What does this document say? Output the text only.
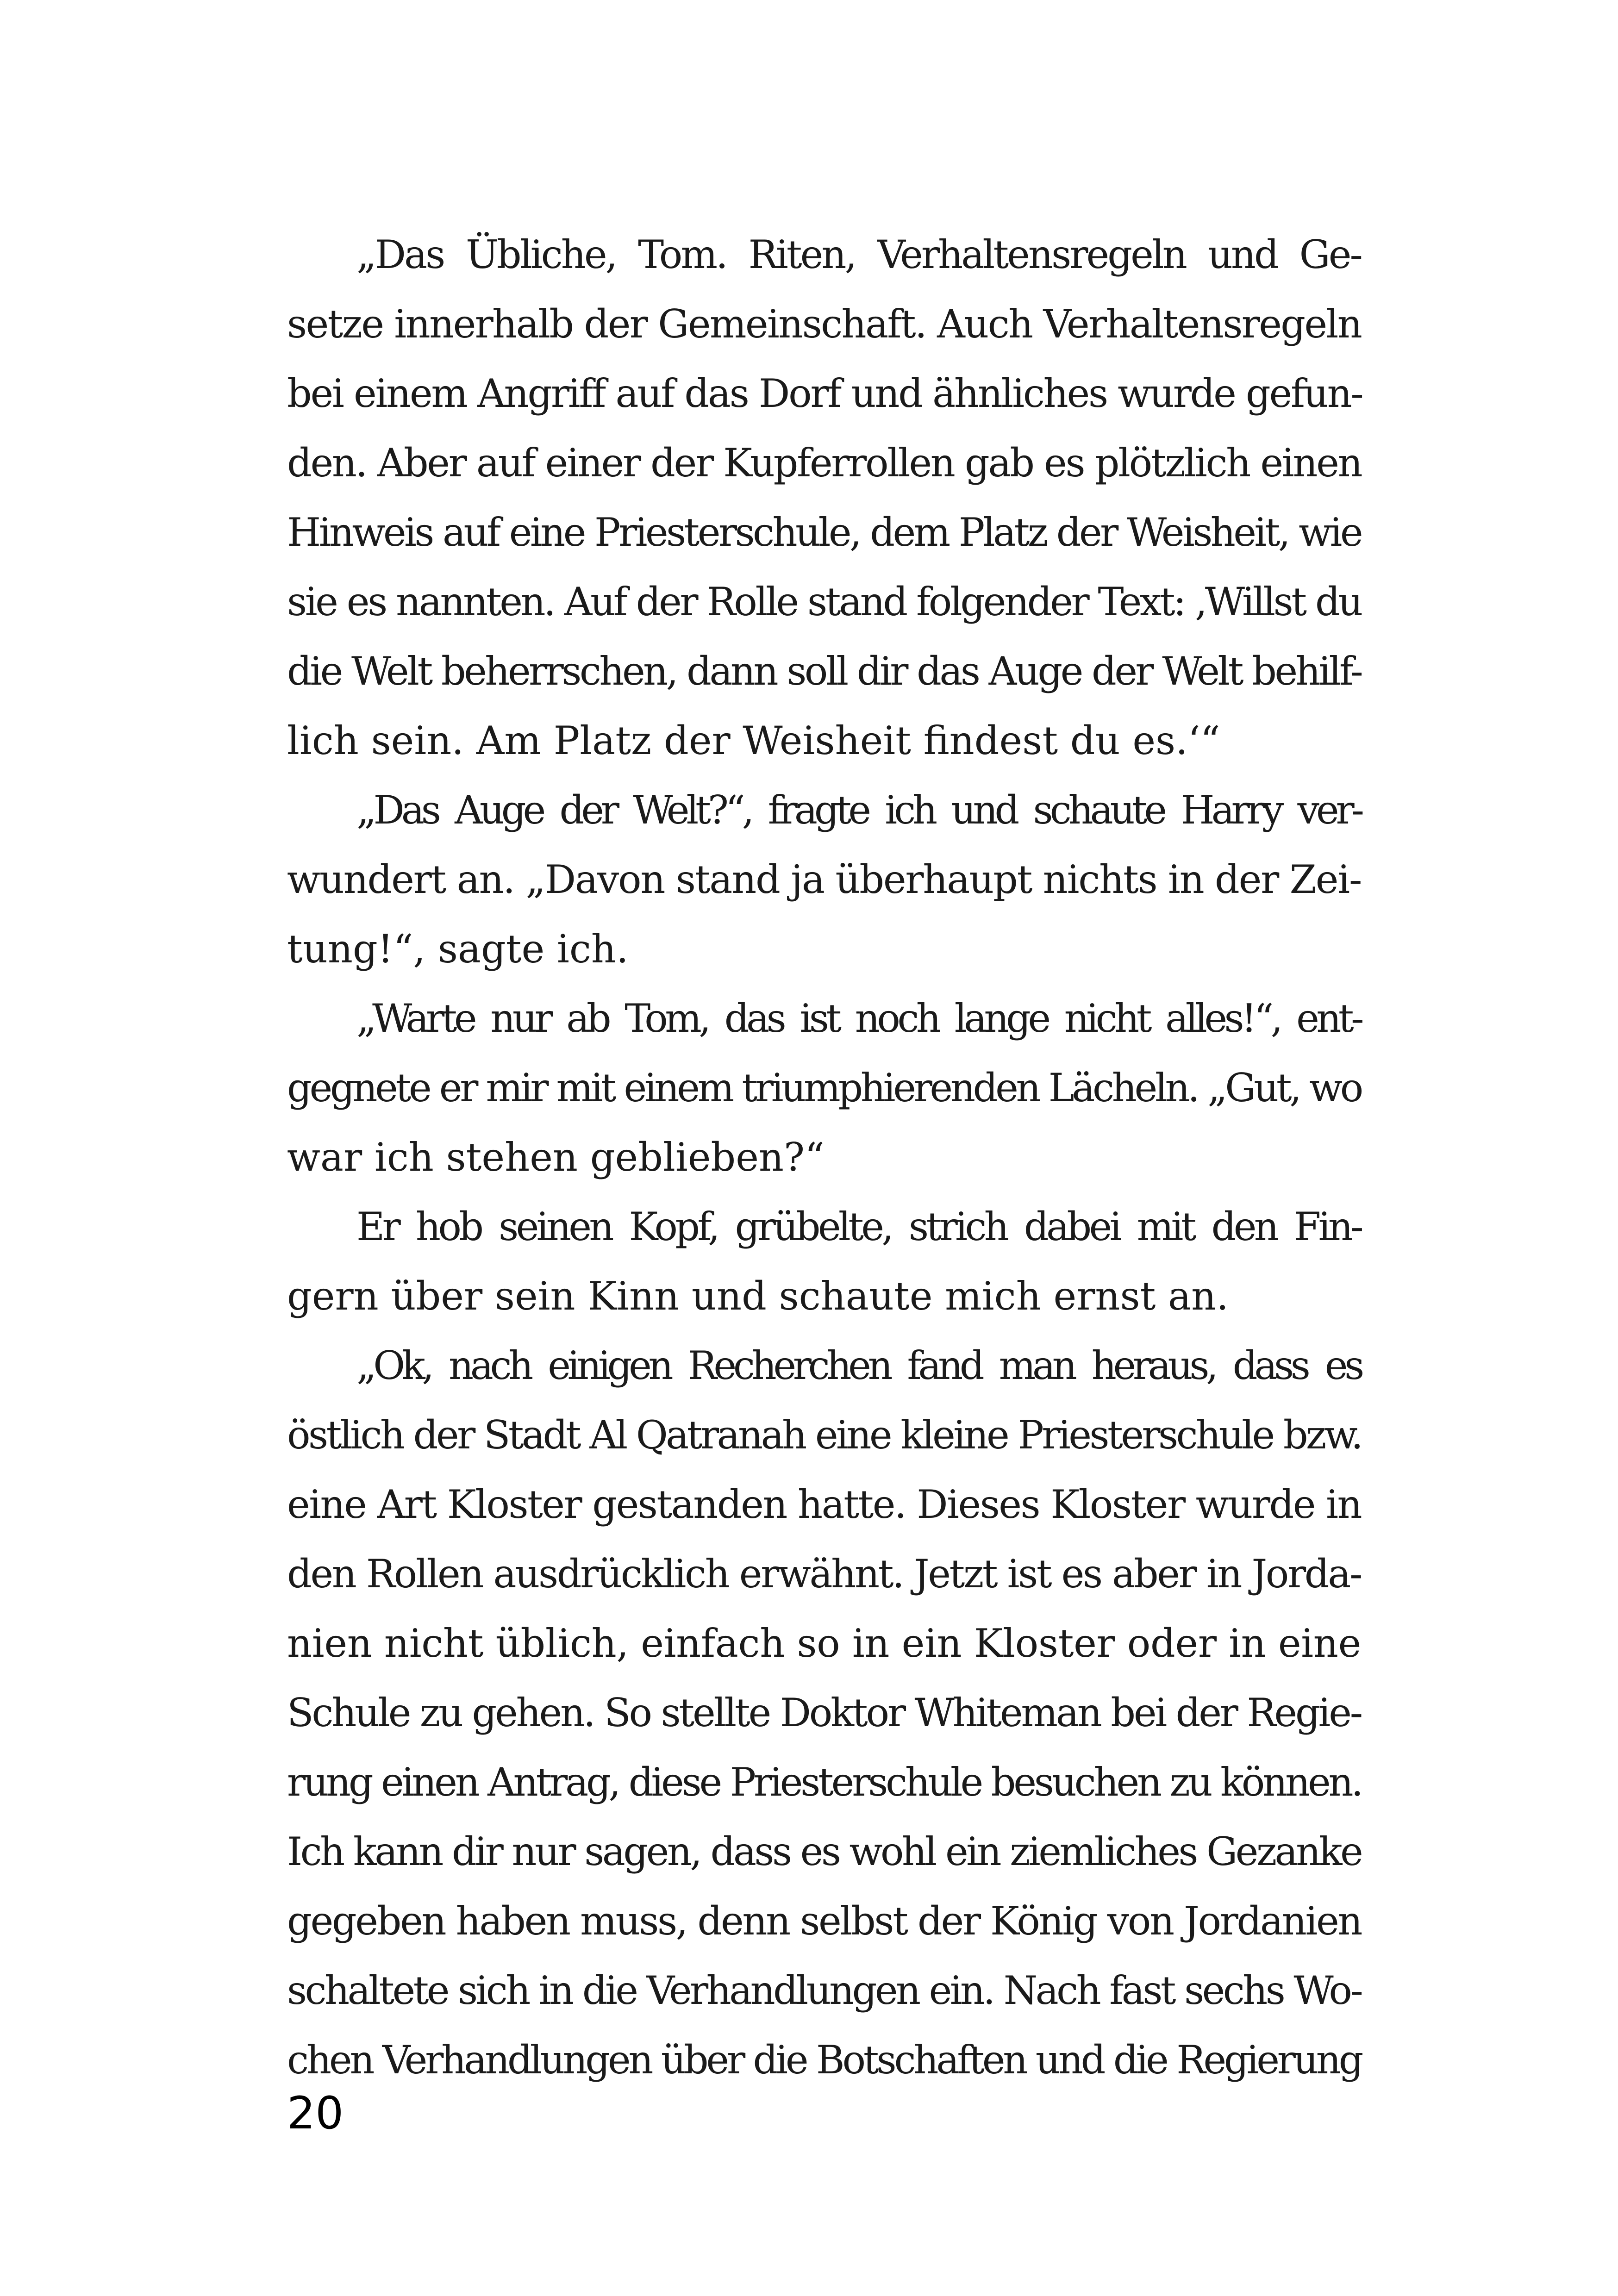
„Das Übliche, Tom. Riten, Verhaltensregeln und Ge-
setze innerhalb der Gemeinschaft. Auch Verhaltensregeln
bei einem Angriff auf das Dorf und ähnliches wurde gefun-
den. Aber auf einer der Kupferrollen gab es plötzlich einen
Hinweis auf eine Priesterschule, dem Platz der Weisheit, wie
sie es nannten. Auf der Rolle stand folgender Text: ‚Willst du
die Welt beherrschen, dann soll dir das Auge der Welt behilf-
lich sein. Am Platz der Weisheit findest du es.‘“
„Das Auge der Welt?“, fragte ich und schaute Harry ver-
wundert an. „Davon stand ja überhaupt nichts in der Zei-
tung!“, sagte ich.
„Warte nur ab Tom, das ist noch lange nicht alles!“, ent-
gegnete er mir mit einem triumphierenden Lächeln. „Gut, wo
war ich stehen geblieben?“
Er hob seinen Kopf, grübelte, strich dabei mit den Fin-
gern über sein Kinn und schaute mich ernst an.
„Ok, nach einigen Recherchen fand man heraus, dass es
östlich der Stadt Al Qatranah eine kleine Priesterschule bzw.
eine Art Kloster gestanden hatte. Dieses Kloster wurde in
den Rollen ausdrücklich erwähnt. Jetzt ist es aber in Jorda-
nien nicht üblich, einfach so in ein Kloster oder in eine
Schule zu gehen. So stellte Doktor Whiteman bei der Regie-
rung einen Antrag, diese Priesterschule besuchen zu können.
Ich kann dir nur sagen, dass es wohl ein ziemliches Gezanke
gegeben haben muss, denn selbst der König von Jordanien
schaltete sich in die Verhandlungen ein. Nach fast sechs Wo-
chen Verhandlungen über die Botschaften und die Regierung
20
